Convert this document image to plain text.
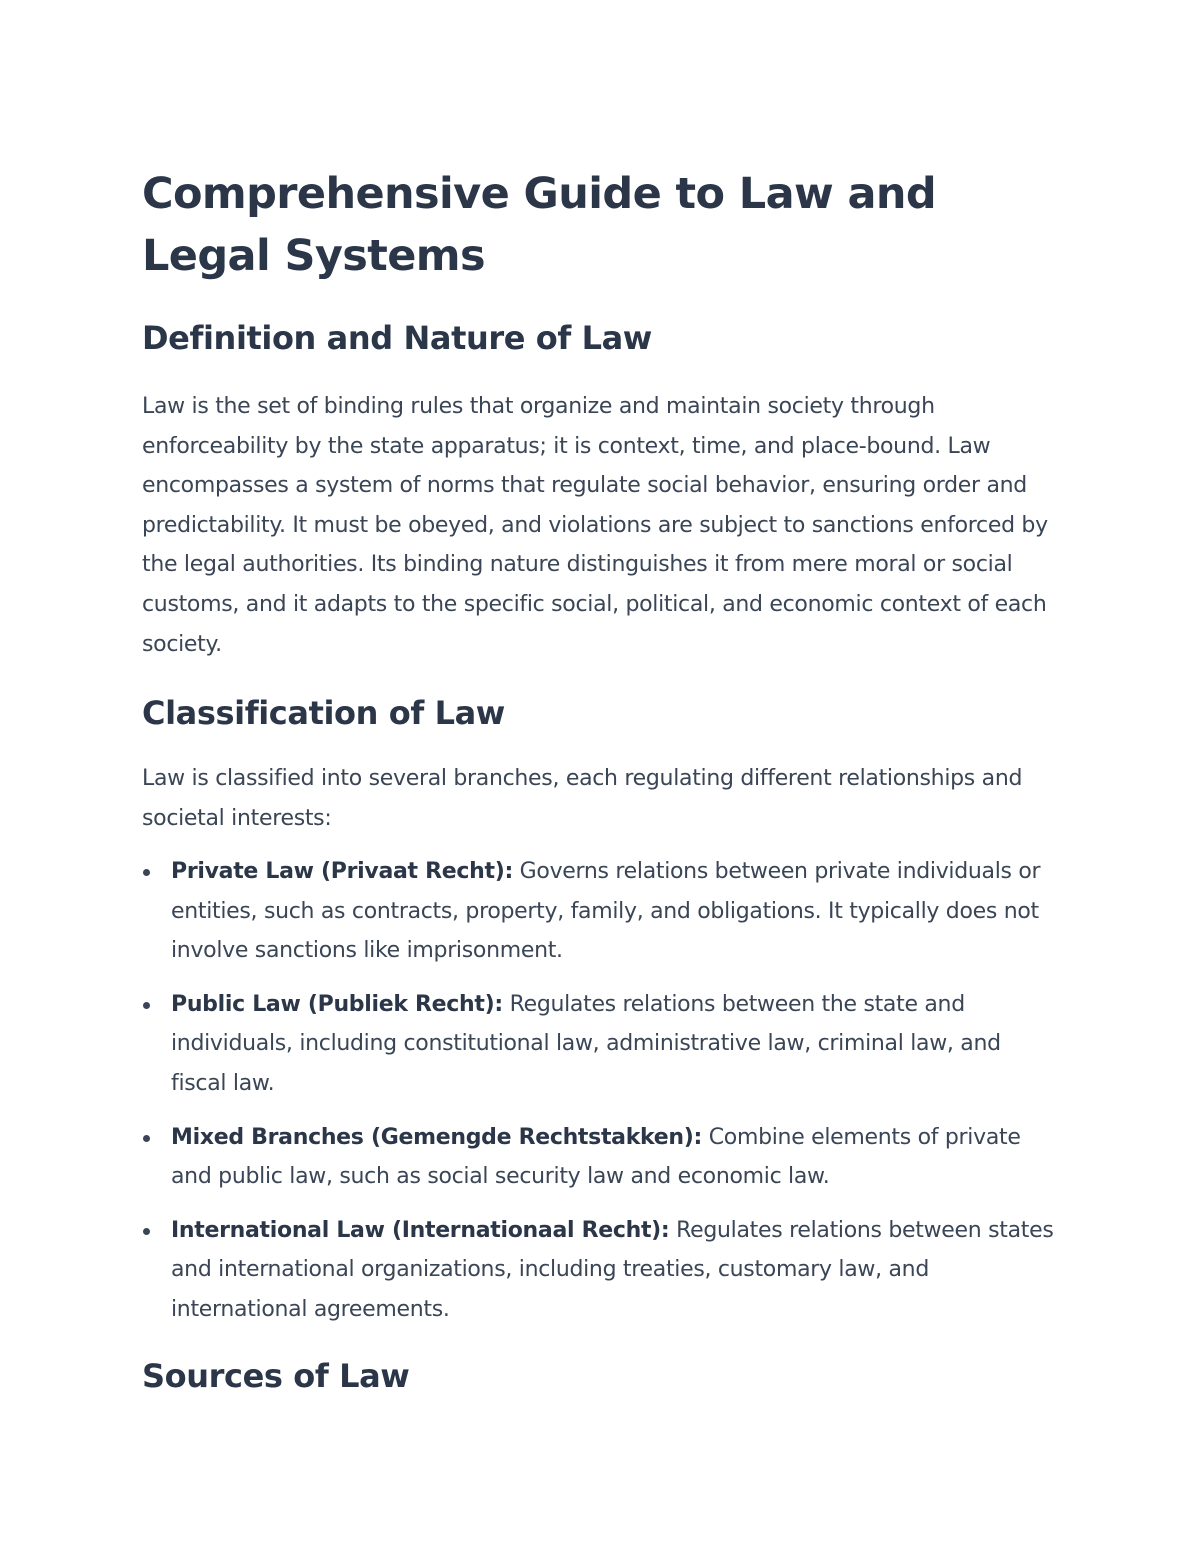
Comprehensive Guide to Law and Legal Systems
Definition and Nature of Law

Law is the set of binding rules that organize and maintain society through enforceability by the state apparatus; it is context, time, and place-bound. Law encompasses a system of norms that regulate social behavior, ensuring order and predictability. It must be obeyed, and violations are subject to sanctions enforced by the legal authorities. Its binding nature distinguishes it from mere moral or social customs, and it adapts to the specific social, political, and economic context of each society.

Classification of Law

Law is classified into several branches, each regulating different relationships and societal interests:

Private Law (Privaat Recht): Governs relations between private individuals or entities, such as contracts, property, family, and obligations. It typically does not involve sanctions like imprisonment.
Public Law (Publiek Recht): Regulates relations between the state and individuals, including constitutional law, administrative law, criminal law, and fiscal law.
Mixed Branches (Gemengde Rechtstakken): Combine elements of private and public law, such as social security law and economic law.
International Law (Internationaal Recht): Regulates relations between states and international organizations, including treaties, customary law, and international agreements.
Sources of Law
